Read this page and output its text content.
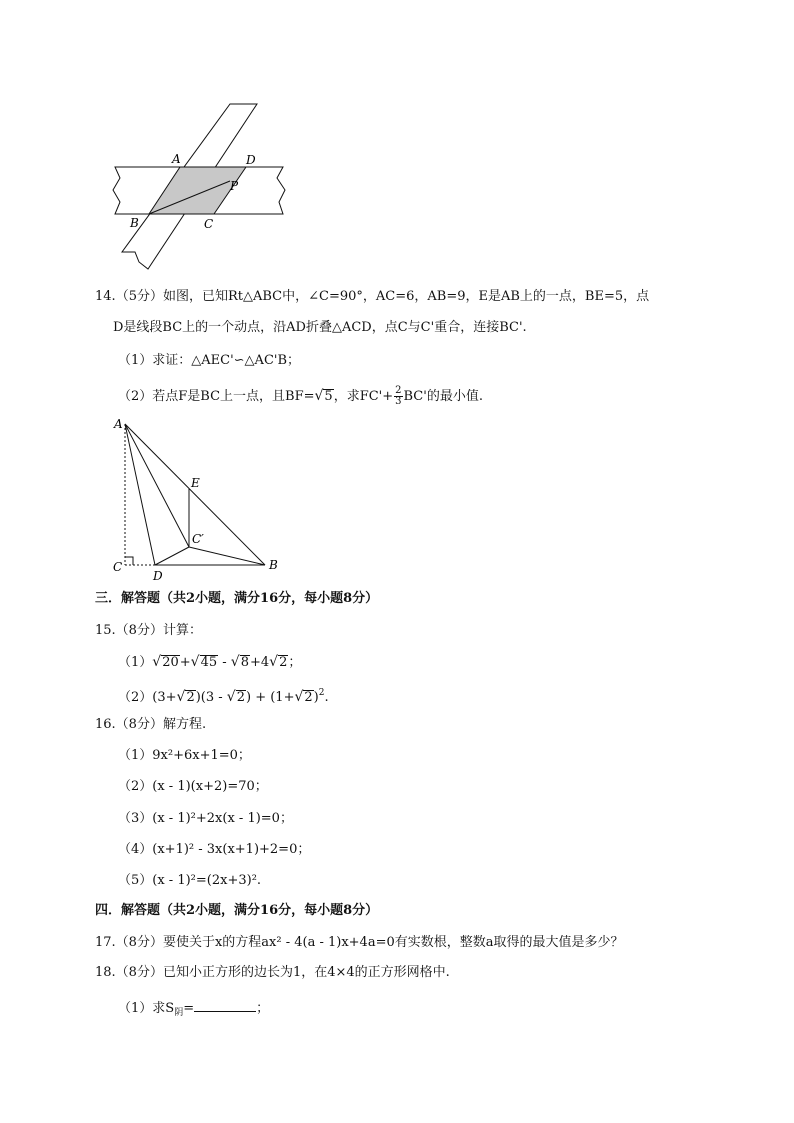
A	D
P
B	C
14.（5分）如图，已知Rt△ABC中，∠C=90°，AC=6，AB=9，E是AB上的一点，BE=5，点
D是线段BC上的一个动点，沿AD折叠△ACD，点C与C'重合，连接BC'.
（1）求证：△AEC'∽△AC'B；
（2）若点F是BC上一点，且BF=√5，求$FC'+ \frac{2}{3} BC'$的最小值.
A
E
C′
C
D
B
三．解答题（共2小题，满分16分，每小题8分）
15.（8分）计算：
（1）√20+√45 - √8+4√2；
$(2)(3+√2)(3 - √2) + (1+√2)^2$.
16.（8分）解方程.
（1）9x²+6x+1=0；
（2）(x - 1)(x+2)=70；
（3）(x - 1)²+2x(x - 1)=0；
（4）(x+1)² - 3x(x+1)+2=0；
（5）(x - 1)²=(2x+3)².
四．解答题（共2小题，满分16分，每小题8分）
17.（8分）要使关于x的方程ax² - 4(a - 1)x+4a=0有实数根，整数a取得的最大值是多少？
18.（8分）已知小正方形的边长为1，在4×4的正方形网格中.
（1）求$S_阴=$	；
